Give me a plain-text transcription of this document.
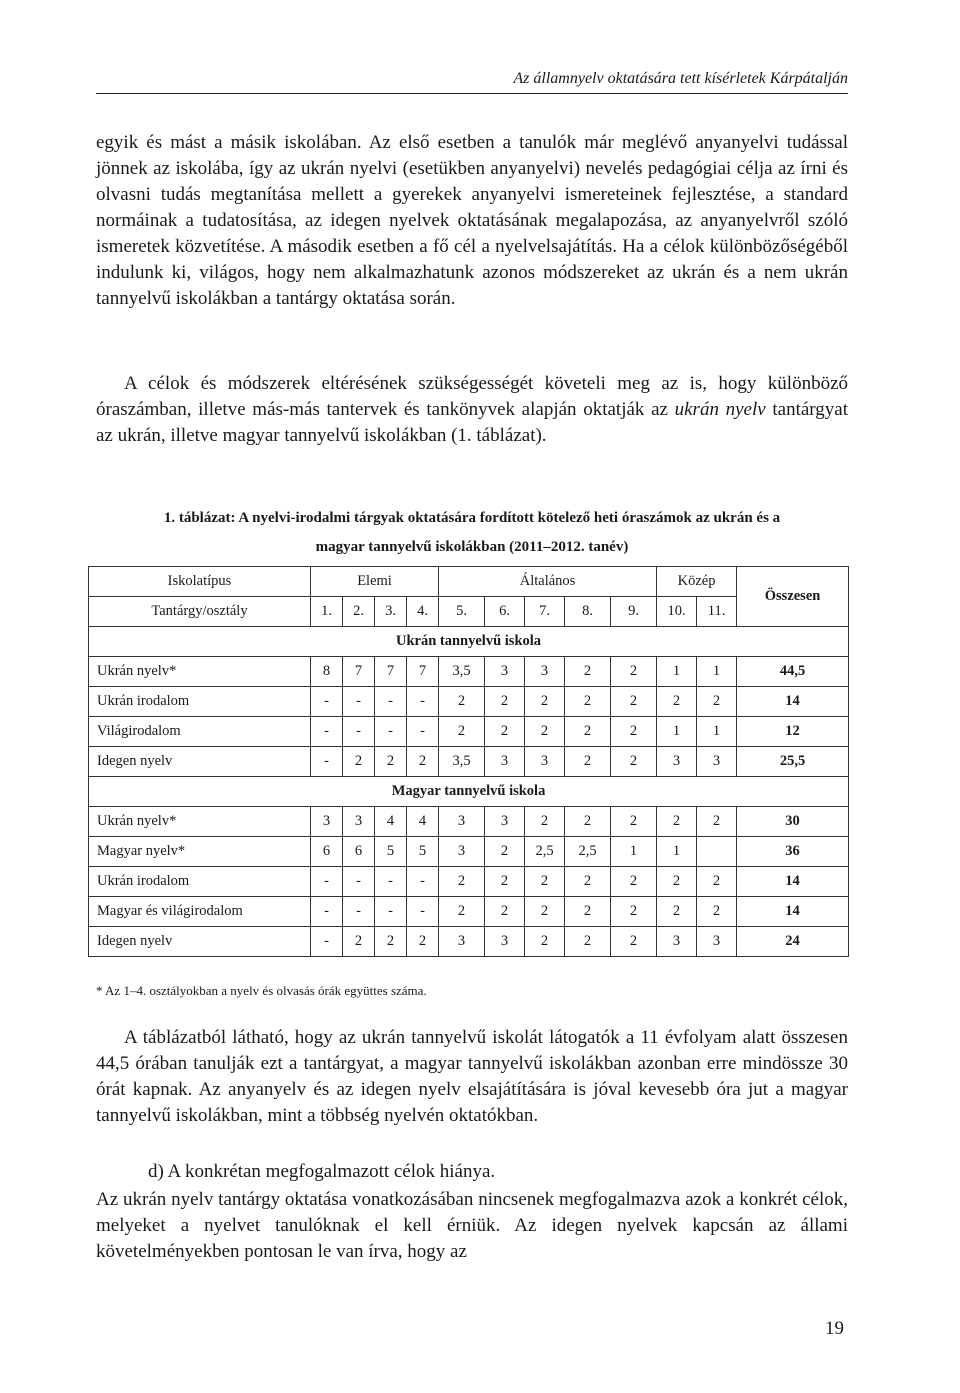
Az államnyelv oktatására tett kísérletek Kárpátalján

egyik és mást a másik iskolában. Az első esetben a tanulók már meglévő anyanyelvi tudással jönnek az iskolába, így az ukrán nyelvi (esetükben anyanyelvi) nevelés pedagógiai célja az írni és olvasni tudás megtanítása mellett a gyerekek anyanyelvi ismereteinek fejlesztése, a standard normáinak a tudatosítása, az idegen nyelvek oktatásának megalapozása, az anyanyelvről szóló ismeretek közvetítése. A második esetben a fő cél a nyelvelsajátítás. Ha a célok különbözőségéből indulunk ki, világos, hogy nem alkalmazhatunk azonos módszereket az ukrán és a nem ukrán tannyelvű iskolákban a tantárgy oktatása során.

A célok és módszerek eltérésének szükségességét követeli meg az is, hogy különböző óraszámban, illetve más-más tantervek és tankönyvek alapján oktatják az ukrán nyelv tantárgyat az ukrán, illetve magyar tannyelvű iskolákban (1. táblázat).

1. táblázat: A nyelvi-irodalmi tárgyak oktatására fordított kötelező heti óraszámok az ukrán és a
magyar tannyelvű iskolákban (2011–2012. tanév)
Iskolatípus	Elemi				Általános					Közép		Összesen
Tantárgy/osztály	1.	2.	3.	4.	5.	6.	7.	8.	9.	10.	11.	
Ukrán tannyelvű iskola												
Ukrán nyelv*	8	7	7	7	3,5	3	3	2	2	1	1	44,5
Ukrán irodalom	-	-	-	-	2	2	2	2	2	2	2	14
Világirodalom	-	-	-	-	2	2	2	2	2	1	1	12
Idegen nyelv	-	2	2	2	3,5	3	3	2	2	3	3	25,5
Magyar tannyelvű iskola												
Ukrán nyelv*	3	3	4	4	3	3	2	2	2	2	2	30
Magyar nyelv*	6	6	5	5	3	2	2,5	2,5	1	1		36
Ukrán irodalom	-	-	-	-	2	2	2	2	2	2	2	14
Magyar és világirodalom	-	-	-	-	2	2	2	2	2	2	2	14
Idegen nyelv	-	2	2	2	3	3	2	2	2	3	3	24
* Az 1–4. osztályokban a nyelv és olvasás órák együttes száma.

A táblázatból látható, hogy az ukrán tannyelvű iskolát látogatók a 11 évfolyam alatt összesen 44,5 órában tanulják ezt a tantárgyat, a magyar tannyelvű iskolákban azonban erre mindössze 30 órát kapnak. Az anyanyelv és az idegen nyelv elsajátítására is jóval kevesebb óra jut a magyar tannyelvű iskolákban, mint a többség nyelvén oktatókban.

d) A konkrétan megfogalmazott célok hiánya.

Az ukrán nyelv tantárgy oktatása vonatkozásában nincsenek megfogalmazva azok a konkrét célok, melyeket a nyelvet tanulóknak el kell érniük. Az idegen nyelvek kapcsán az állami követelményekben pontosan le van írva, hogy az

19
